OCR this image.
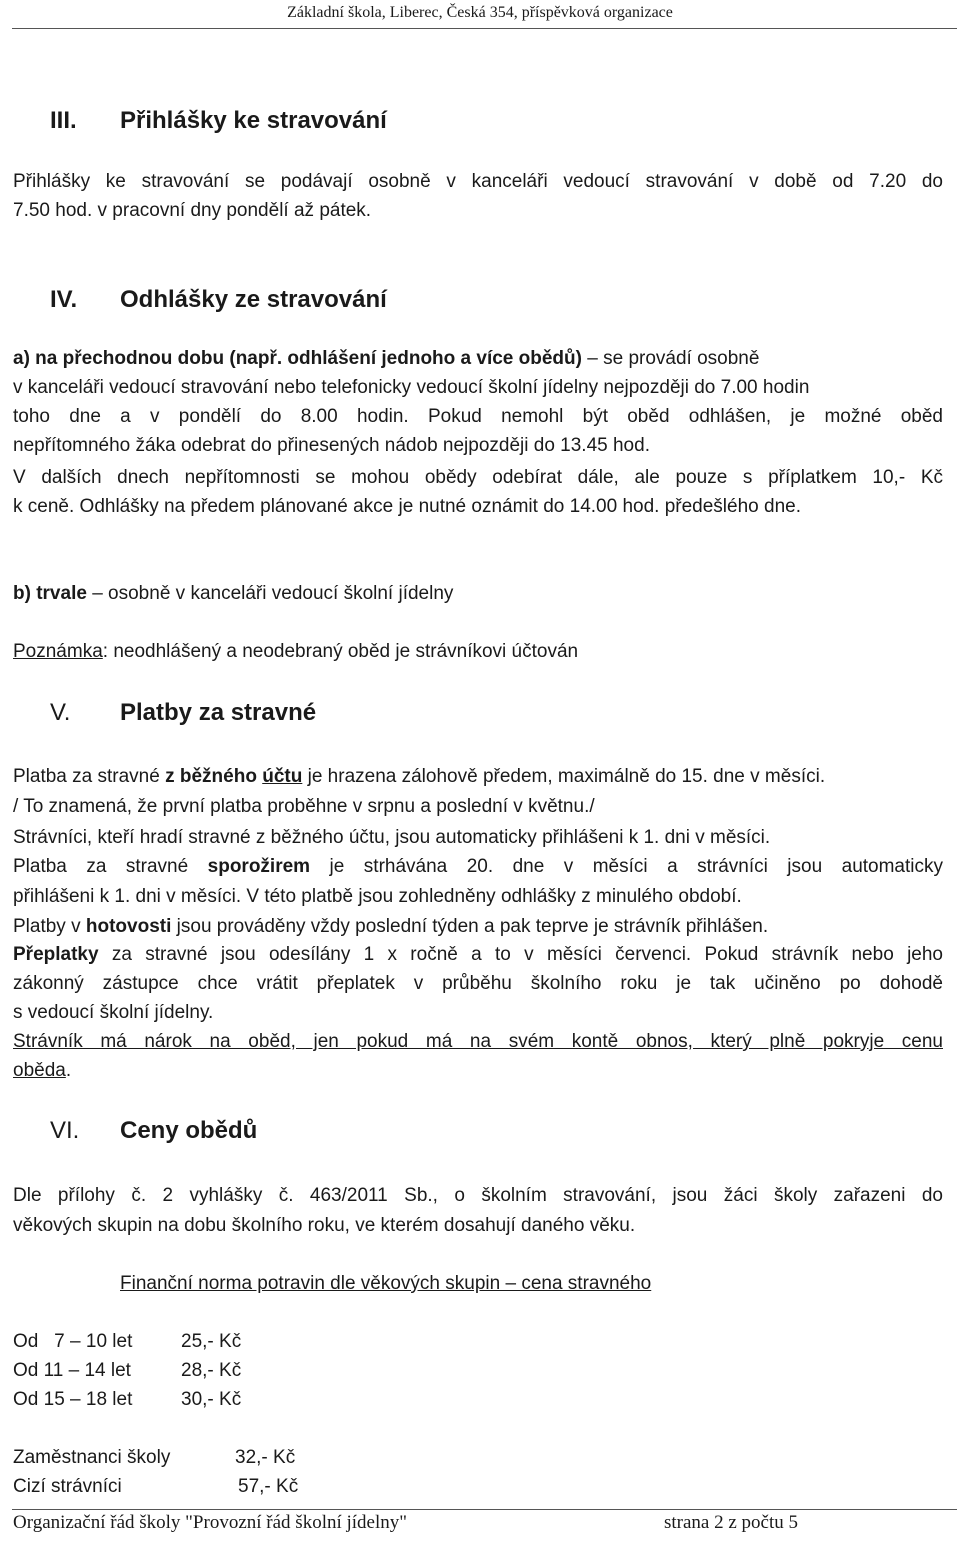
Základní škola, Liberec, Česká 354, příspěvková organizace
III. Přihlášky ke stravování
Přihlášky ke stravování se podávají osobně v kanceláři vedoucí stravování v době od 7.20 do
7.50 hod. v pracovní dny pondělí až pátek.
IV. Odhlášky ze stravování
a) na přechodnou dobu (např. odhlášení jednoho a více obědů) – se provádí osobně
v kanceláři vedoucí stravování nebo telefonicky vedoucí školní jídelny nejpozději do 7.00 hodin
toho dne a v pondělí do 8.00 hodin. Pokud nemohl být oběd odhlášen, je možné oběd
nepřítomného žáka odebrat do přinesených nádob nejpozději do 13.45 hod.
V dalších dnech nepřítomnosti se mohou obědy odebírat dále, ale pouze s příplatkem 10,- Kč
k ceně. Odhlášky na předem plánované akce je nutné oznámit do 14.00 hod. předešlého dne.
b) trvale – osobně v kanceláři vedoucí školní jídelny
Poznámka: neodhlášený a neodebraný oběd je strávníkovi účtován
V. Platby za stravné
Platba za stravné z běžného účtu je hrazena zálohově předem, maximálně do 15. dne v měsíci.
/ To znamená, že první platba proběhne v srpnu a poslední v květnu./
Strávníci, kteří hradí stravné z běžného účtu, jsou automaticky přihlášeni k 1. dni v měsíci.
Platba za stravné sporožirem je strhávána 20. dne v měsíci a strávníci jsou automaticky
přihlášeni k 1. dni v měsíci. V této platbě jsou zohledněny odhlášky z minulého období.
Platby v hotovosti jsou prováděny vždy poslední týden a pak teprve je strávník přihlášen.
Přeplatky za stravné jsou odesílány 1 x ročně a to v měsíci červenci. Pokud strávník nebo jeho
zákonný zástupce chce vrátit přeplatek v průběhu školního roku je tak učiněno po dohodě
s vedoucí školní jídelny.
Strávník má nárok na oběd, jen pokud má na svém kontě obnos, který plně pokryje cenu
oběda.
VI. Ceny obědů
Dle přílohy č. 2 vyhlášky č. 463/2011 Sb., o školním stravování, jsou žáci školy zařazeni do
věkových skupin na dobu školního roku, ve kterém dosahují daného věku.
Finanční norma potravin dle věkových skupin – cena stravného
Od   7 – 10 let	25,- Kč
Od 11 – 14 let	28,- Kč
Od 15 – 18 let	30,- Kč
Zaměstnanci školy	32,- Kč
Cizí strávníci	57,- Kč
Organizační řád školy "Provozní řád školní jídelny"	strana 2 z počtu 5
